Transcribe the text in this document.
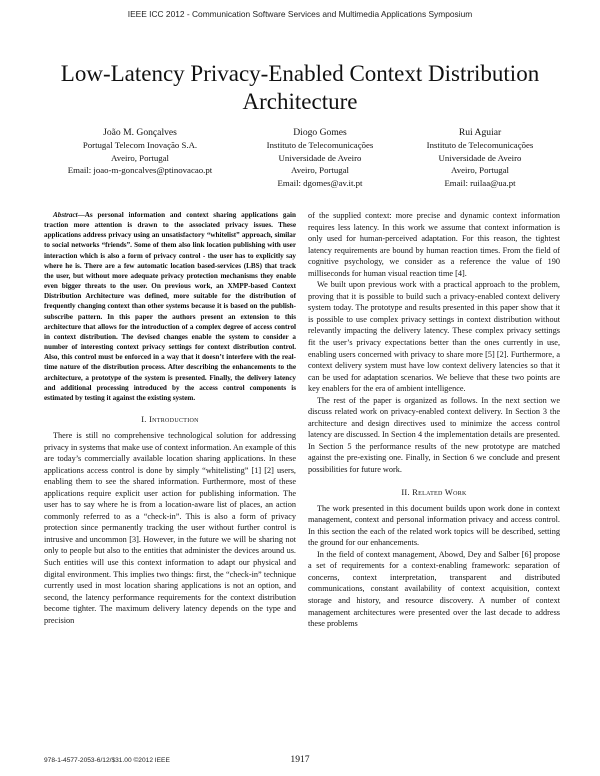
IEEE ICC 2012 - Communication Software Services and Multimedia Applications Symposium
Low-Latency Privacy-Enabled Context Distribution Architecture
João M. Gonçalves
Portugal Telecom Inovação S.A.
Aveiro, Portugal
Email: joao-m-goncalves@ptinovacao.pt
Diogo Gomes
Instituto de Telecomunicações
Universidade de Aveiro
Aveiro, Portugal
Email: dgomes@av.it.pt
Rui Aguiar
Instituto de Telecomunicações
Universidade de Aveiro
Aveiro, Portugal
Email: ruilaa@ua.pt

Abstract—As personal information and context sharing applications gain traction more attention is drawn to the associated privacy issues. These applications address privacy using an unsatisfactory “whitelist” approach, similar to social networks “friends”. Some of them also link location publishing with user interaction which is also a form of privacy control - the user has to explicitly say where he is. There are a few automatic location based-services (LBS) that track the user, but without more adequate privacy protection mechanisms they enable even bigger threats to the user. On previous work, an XMPP-based Context Distribution Architecture was defined, more suitable for the distribution of frequently changing context than other systems because it is based on the publish-subscribe pattern. In this paper the authors present an extension to this architecture that allows for the introduction of a complex degree of access control in context distribution. The devised changes enable the system to consider a number of interesting context privacy settings for context distribution control. Also, this control must be enforced in a way that it doesn’t interfere with the real-time nature of the distribution process. After describing the enhancements to the architecture, a prototype of the system is presented. Finally, the delivery latency and additional processing introduced by the access control components is estimated by testing it against the existing system.

I. Introduction

There is still no comprehensive technological solution for addressing privacy in systems that make use of context information. An example of this are today’s commercially available location sharing applications. In these applications access control is done by simply “whitelisting” [1] [2] users, enabling them to see the shared information. Furthermore, most of these applications require explicit user action for publishing information. The user has to say where he is from a location-aware list of places, an action commonly referred to as a “check-in”. This is also a form of privacy protection since permanently tracking the user without further control is intrusive and uncommon [3]. However, in the future we will be sharing not only to people but also to the entities that administer the devices around us. Such entities will use this context information to adapt our physical and digital environment. This implies two things: first, the “check-in” technique currently used in most location sharing applications is not an option, and second, the latency performance requirements for the context distribution become tighter. The maximum delivery latency depends on the type and precision

of the supplied context: more precise and dynamic context information requires less latency. In this work we assume that context information is only used for human-perceived adaptation. For this reason, the tightest latency requirements are bound by human reaction times. From the field of cognitive psychology, we consider as a reference the value of 190 milliseconds for human visual reaction time [4].

We built upon previous work with a practical approach to the problem, proving that it is possible to build such a privacy-enabled context delivery system today. The prototype and results presented in this paper show that it is possible to use complex privacy settings in context distribution without relevantly impacting the delivery latency. These complex privacy settings fit the user’s privacy expectations better than the ones currently in use, enabling users concerned with privacy to share more [5] [2]. Furthermore, a context delivery system must have low context delivery latencies so that it can be used for adaptation scenarios. We believe that these two points are key enablers for the era of ambient intelligence.

The rest of the paper is organized as follows. In the next section we discuss related work on privacy-enabled context delivery. In Section 3 the architecture and design directives used to minimize the access control latency are discussed. In Section 4 the implementation details are presented. In Section 5 the performance results of the new prototype are matched against the pre-existing one. Finally, in Section 6 we conclude and present possibilities for future work.

II. Related Work

The work presented in this document builds upon work done in context management, context and personal information privacy and access control. In this section the each of the related work topics will be described, setting the ground for our enhancements.

In the field of context management, Abowd, Dey and Salber [6] propose a set of requirements for a context-enabling framework: separation of concerns, context interpretation, transparent and distributed communications, constant availability of context acquisition, context storage and history, and resource discovery. A number of context management architectures were presented over the last decade to address these problems

978-1-4577-2053-6/12/$31.00 ©2012 IEEE	1917
